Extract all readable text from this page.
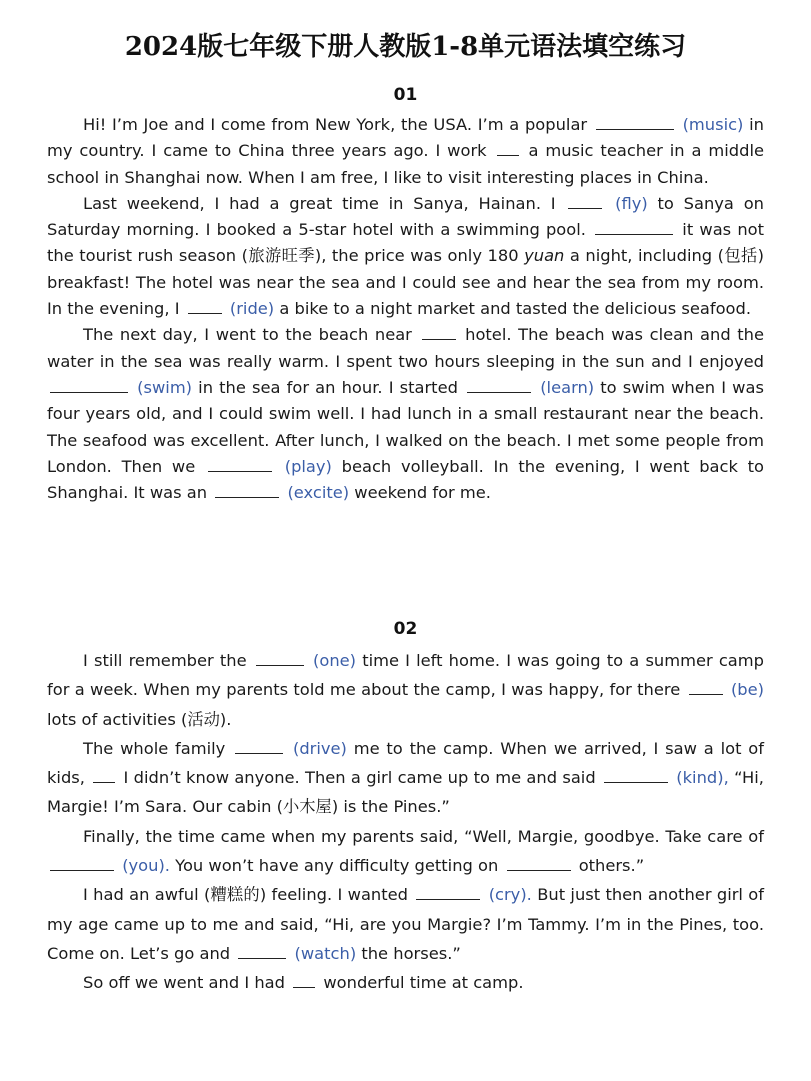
2024版七年级下册人教版1-8单元语法填空练习
01

Hi! I’m Joe and I come from New York, the USA. I’m a popular	(music) in my country. I came to China three years ago. I work	a music teacher in a middle school in Shanghai now. When I am free, I like to visit interesting places in China.

Last weekend, I had a great time in Sanya, Hainan. I	(fly) to Sanya on Saturday morning. I booked a 5-star hotel with a swimming pool.	it was not the tourist rush season (旅游旺季), the price was only 180 yuan a night, including (包括) breakfast! The hotel was near the sea and I could see and hear the sea from my room. In the evening, I	(ride) a bike to a night market and tasted the delicious seafood.

The next day, I went to the beach near	hotel. The beach was clean and the water in the sea was really warm. I spent two hours sleeping in the sun and I enjoyed  (swim) in the sea for an hour. I started	(learn) to swim when I was four years old, and I could swim well. I had lunch in a small restaurant near the beach. The seafood was excellent. After lunch, I walked on the beach. I met some people from London. Then we	(play) beach volleyball. In the evening, I went back to Shanghai. It was an	(excite) weekend for me.

02

I still remember the	(one) time I left home. I was going to a summer camp for a week. When my parents told me about the camp, I was happy, for there	(be) lots of activities (活动).

The whole family	(drive) me to the camp. When we arrived, I saw a lot of kids, I didn’t know anyone. Then a girl came up to me and said	(kind), “Hi, Margie! I’m Sara. Our cabin (小木屋) is the Pines.”

Finally, the time came when my parents said, “Well, Margie, goodbye. Take care of  (you). You won’t have any difficulty getting on	others.”

I had an awful (糟糕的) feeling. I wanted	(cry). But just then another girl of my age came up to me and said, “Hi, are you Margie? I’m Tammy. I’m in the Pines, too. Come on. Let’s go and	(watch) the horses.”

So off we went and I had wonderful time at camp.
